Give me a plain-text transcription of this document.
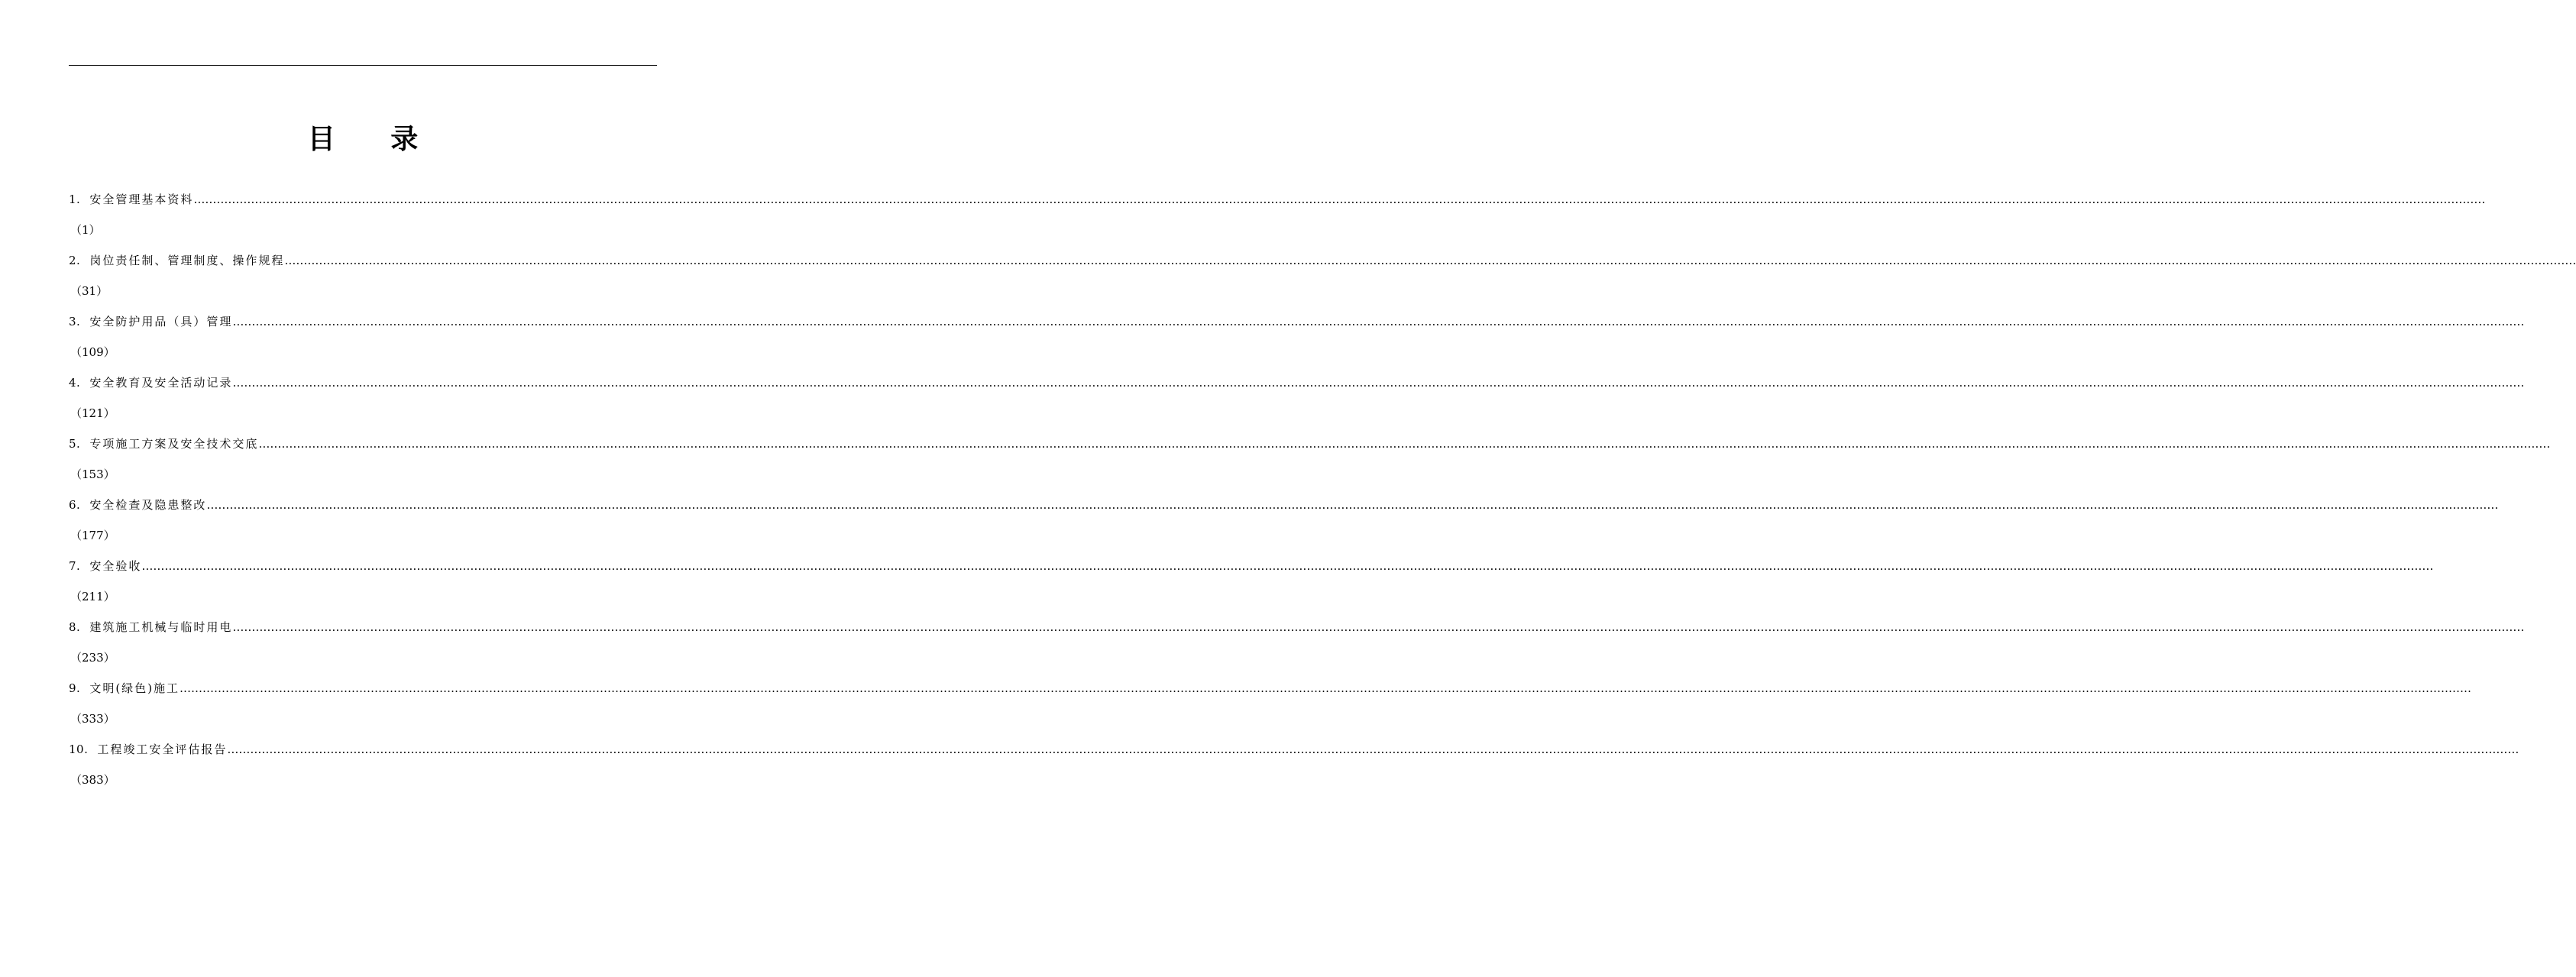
目 录
1. 安全管理基本资料 ……………………………………………………………………………………………………………………………………………………………………………………………………………………………………………………………………………………………………………………………………………………………………………………………………………………………………………………………………………………………………………………………………………………
（1）
2. 岗位责任制、管理制度、操作规程 ……………………………………………………………………………………………………………………………………………………………………………………………………………………………………………………………………………………………………………………………………………………………………………………………………………………………………………………………………………………………………………………………………………………
（31）
3. 安全防护用品（具）管理 ……………………………………………………………………………………………………………………………………………………………………………………………………………………………………………………………………………………………………………………………………………………………………………………………………………………………………………………………………………………………………………………………………………………
（109）
4. 安全教育及安全活动记录 ……………………………………………………………………………………………………………………………………………………………………………………………………………………………………………………………………………………………………………………………………………………………………………………………………………………………………………………………………………………………………………………………………………………
（121）
5. 专项施工方案及安全技术交底 ……………………………………………………………………………………………………………………………………………………………………………………………………………………………………………………………………………………………………………………………………………………………………………………………………………………………………………………………………………………………………………………………………………………
（153）
6. 安全检查及隐患整改 ……………………………………………………………………………………………………………………………………………………………………………………………………………………………………………………………………………………………………………………………………………………………………………………………………………………………………………………………………………………………………………………………………………………
（177）
7. 安全验收 ……………………………………………………………………………………………………………………………………………………………………………………………………………………………………………………………………………………………………………………………………………………………………………………………………………………………………………………………………………………………………………………………………………………
（211）
8. 建筑施工机械与临时用电 ……………………………………………………………………………………………………………………………………………………………………………………………………………………………………………………………………………………………………………………………………………………………………………………………………………………………………………………………………………………………………………………………………………………
（233）
9. 文明(绿色)施工 ……………………………………………………………………………………………………………………………………………………………………………………………………………………………………………………………………………………………………………………………………………………………………………………………………………………………………………………………………………………………………………………………………………………
（333）
10. 工程竣工安全评估报告 ……………………………………………………………………………………………………………………………………………………………………………………………………………………………………………………………………………………………………………………………………………………………………………………………………………………………………………………………………………………………………………………………………………………
（383）
